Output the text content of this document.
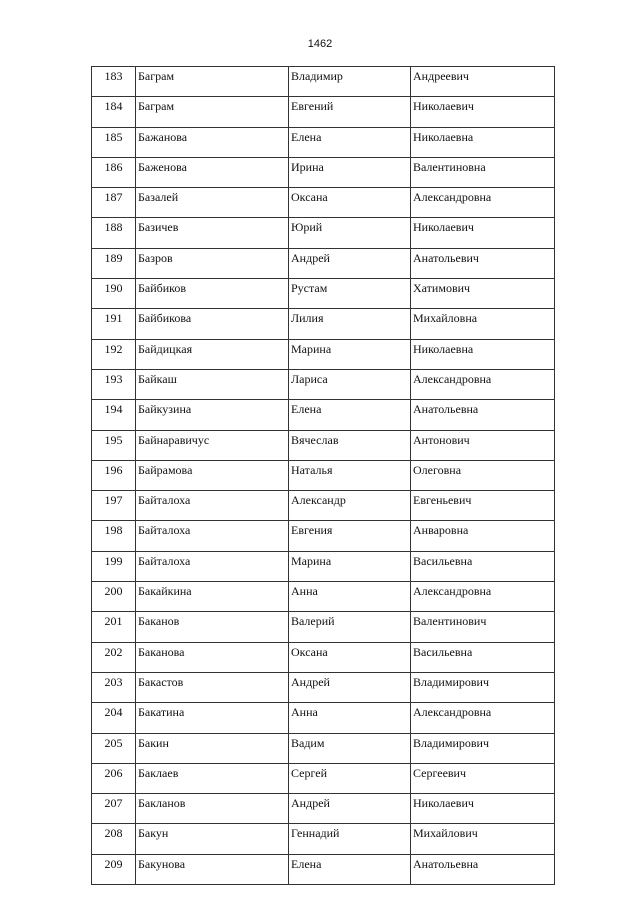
1462
183	Баграм	Владимир	Андреевич
184	Баграм	Евгений	Николаевич
185	Бажанова	Елена	Николаевна
186	Баженова	Ирина	Валентиновна
187	Базалей	Оксана	Александровна
188	Базичев	Юрий	Николаевич
189	Базров	Андрей	Анатольевич
190	Байбиков	Рустам	Хатимович
191	Байбикова	Лилия	Михайловна
192	Байдицкая	Марина	Николаевна
193	Байкаш	Лариса	Александровна
194	Байкузина	Елена	Анатольевна
195	Байнаравичус	Вячеслав	Антонович
196	Байрамова	Наталья	Олеговна
197	Байталоха	Александр	Евгеньевич
198	Байталоха	Евгения	Анваровна
199	Байталоха	Марина	Васильевна
200	Бакайкина	Анна	Александровна
201	Баканов	Валерий	Валентинович
202	Баканова	Оксана	Васильевна
203	Бакастов	Андрей	Владимирович
204	Бакатина	Анна	Александровна
205	Бакин	Вадим	Владимирович
206	Баклаев	Сергей	Сергеевич
207	Бакланов	Андрей	Николаевич
208	Бакун	Геннадий	Михайлович
209	Бакунова	Елена	Анатольевна
